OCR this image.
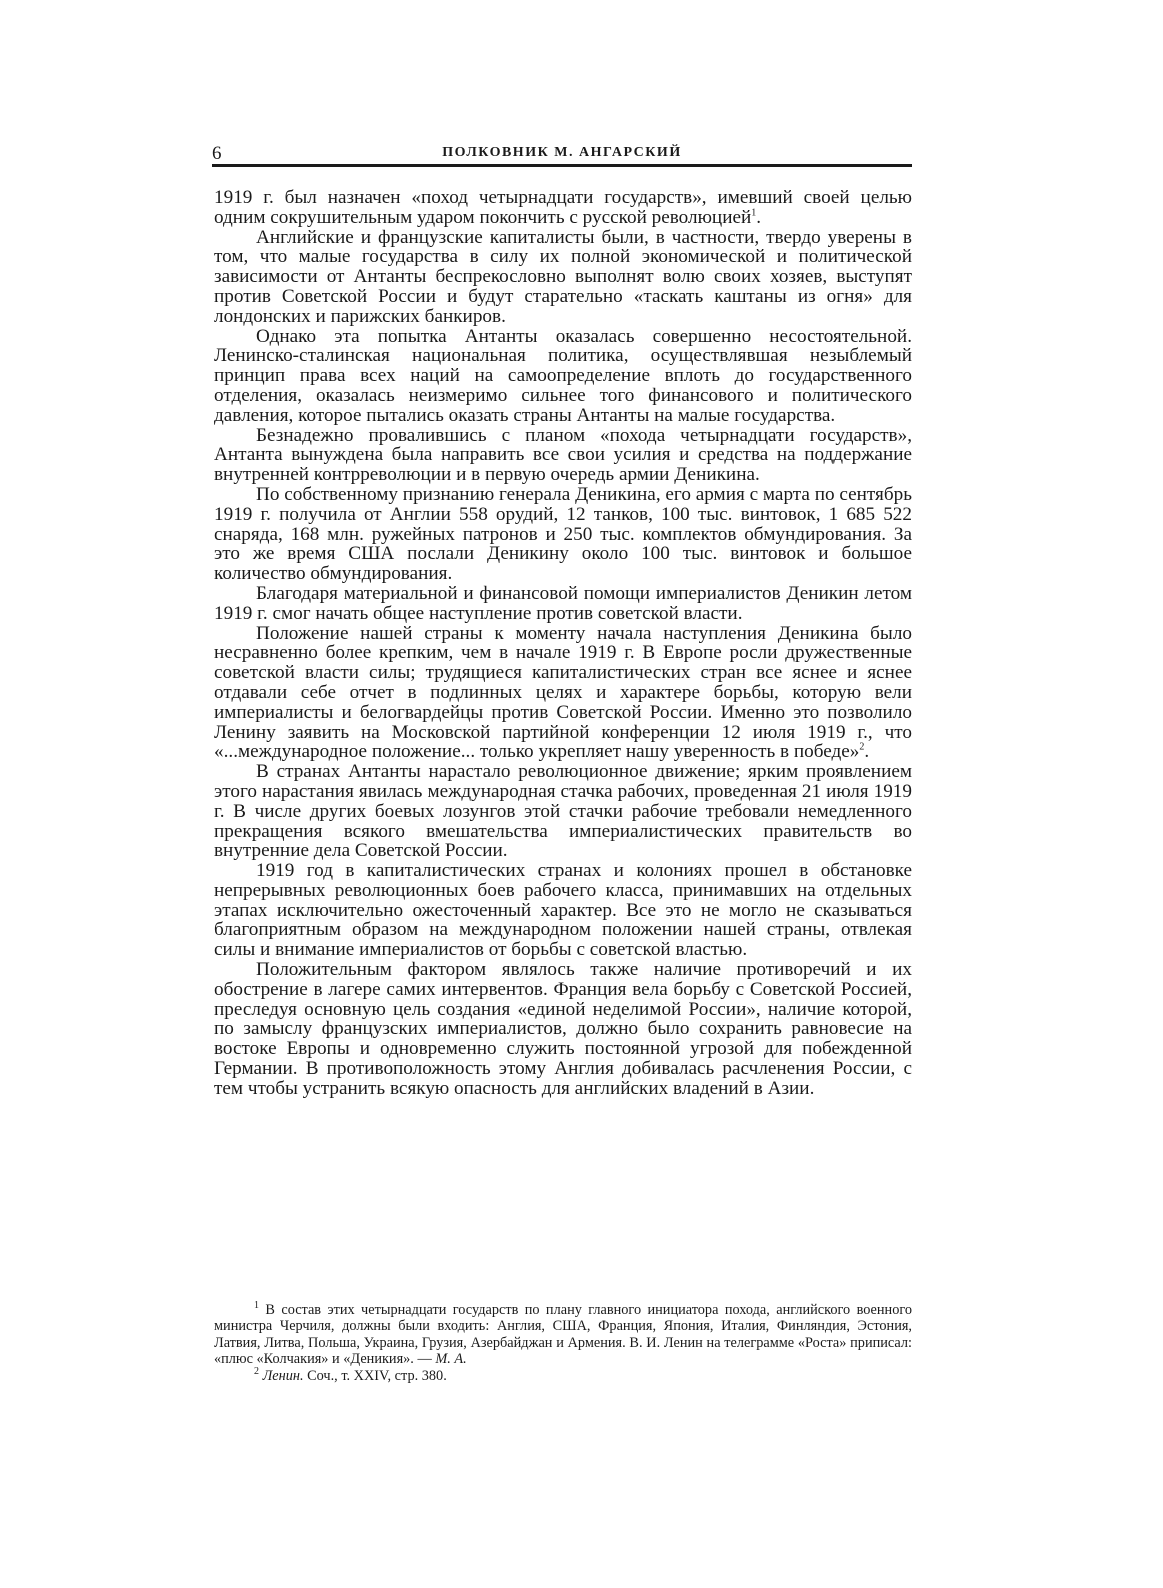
6	ПОЛКОВНИК М. АНГАРСКИЙ

1919 г. был назначен «поход четырнадцати государств», имевший своей целью одним сокрушительным ударом покончить с русской революцией$^1$.

Английские и французские капиталисты были, в частности, твердо уверены в том, что малые государства в силу их полной экономической и политической зависимости от Антанты беспрекословно выполнят волю своих хозяев, выступят против Советской России и будут старательно «таскать каштаны из огня» для лондонских и парижских банкиров.

Однако эта попытка Антанты оказалась совершенно несостоятельной. Ленинско-сталинская национальная политика, осуществлявшая незыблемый принцип права всех наций на самоопределение вплоть до государственного отделения, оказалась неизмеримо сильнее того финансового и политического давления, которое пытались оказать страны Антанты на малые государства.

Безнадежно провалившись с планом «похода четырнадцати государств», Антанта вынуждена была направить все свои усилия и средства на поддержание внутренней контрреволюции и в первую очередь армии Деникина.

По собственному признанию генерала Деникина, его армия с марта по сентябрь 1919 г. получила от Англии 558 орудий, 12 танков, 100 тыс. винтовок, 1 685 522 снаряда, 168 млн. ружейных патронов и 250 тыс. комплектов обмундирования. За это же время США послали Деникину около 100 тыс. винтовок и большое количество обмундирования.

Благодаря материальной и финансовой помощи империалистов Деникин летом 1919 г. смог начать общее наступление против советской власти.

Положение нашей страны к моменту начала наступления Деникина было несравненно более крепким, чем в начале 1919 г. В Европе росли дружественные советской власти силы; трудящиеся капиталистических стран все яснее и яснее отдавали себе отчет в подлинных целях и характере борьбы, которую вели империалисты и белогвардейцы против Советской России. Именно это позволило Ленину заявить на Московской партийной конференции 12 июля 1919 г., что «...международное положение... только укрепляет нашу уверенность в победе»$^2$.

В странах Антанты нарастало революционное движение; ярким проявлением этого нарастания явилась международная стачка рабочих, проведенная 21 июля 1919 г. В числе других боевых лозунгов этой стачки рабочие требовали немедленного прекращения всякого вмешательства империалистических правительств во внутренние дела Советской России.

1919 год в капиталистических странах и колониях прошел в обстановке непрерывных революционных боев рабочего класса, принимавших на отдельных этапах исключительно ожесточенный характер. Все это не могло не сказываться благоприятным образом на международном положении нашей страны, отвлекая силы и внимание империалистов от борьбы с советской властью.

Положительным фактором являлось также наличие противоречий и их обострение в лагере самих интервентов. Франция вела борьбу с Советской Россией, преследуя основную цель создания «единой неделимой России», наличие которой, по замыслу французских империалистов, должно было сохранить равновесие на востоке Европы и одновременно служить постоянной угрозой для побежденной Германии. В противоположность этому Англия добивалась расчленения России, с тем чтобы устранить всякую опасность для английских владений в Азии.

$^1$ В состав этих четырнадцати государств по плану главного инициатора похода, английского военного министра Черчиля, должны были входить: Англия, США, Франция, Япония, Италия, Финляндия, Эстония, Латвия, Литва, Польша, Украина, Грузия, Азербайджан и Армения. В. И. Ленин на телеграмме «Роста» приписал: «плюс «Колчакия» и «Деникия». — М. А.

$^2$ Ленин. Соч., т. XXIV, стр. 380.
